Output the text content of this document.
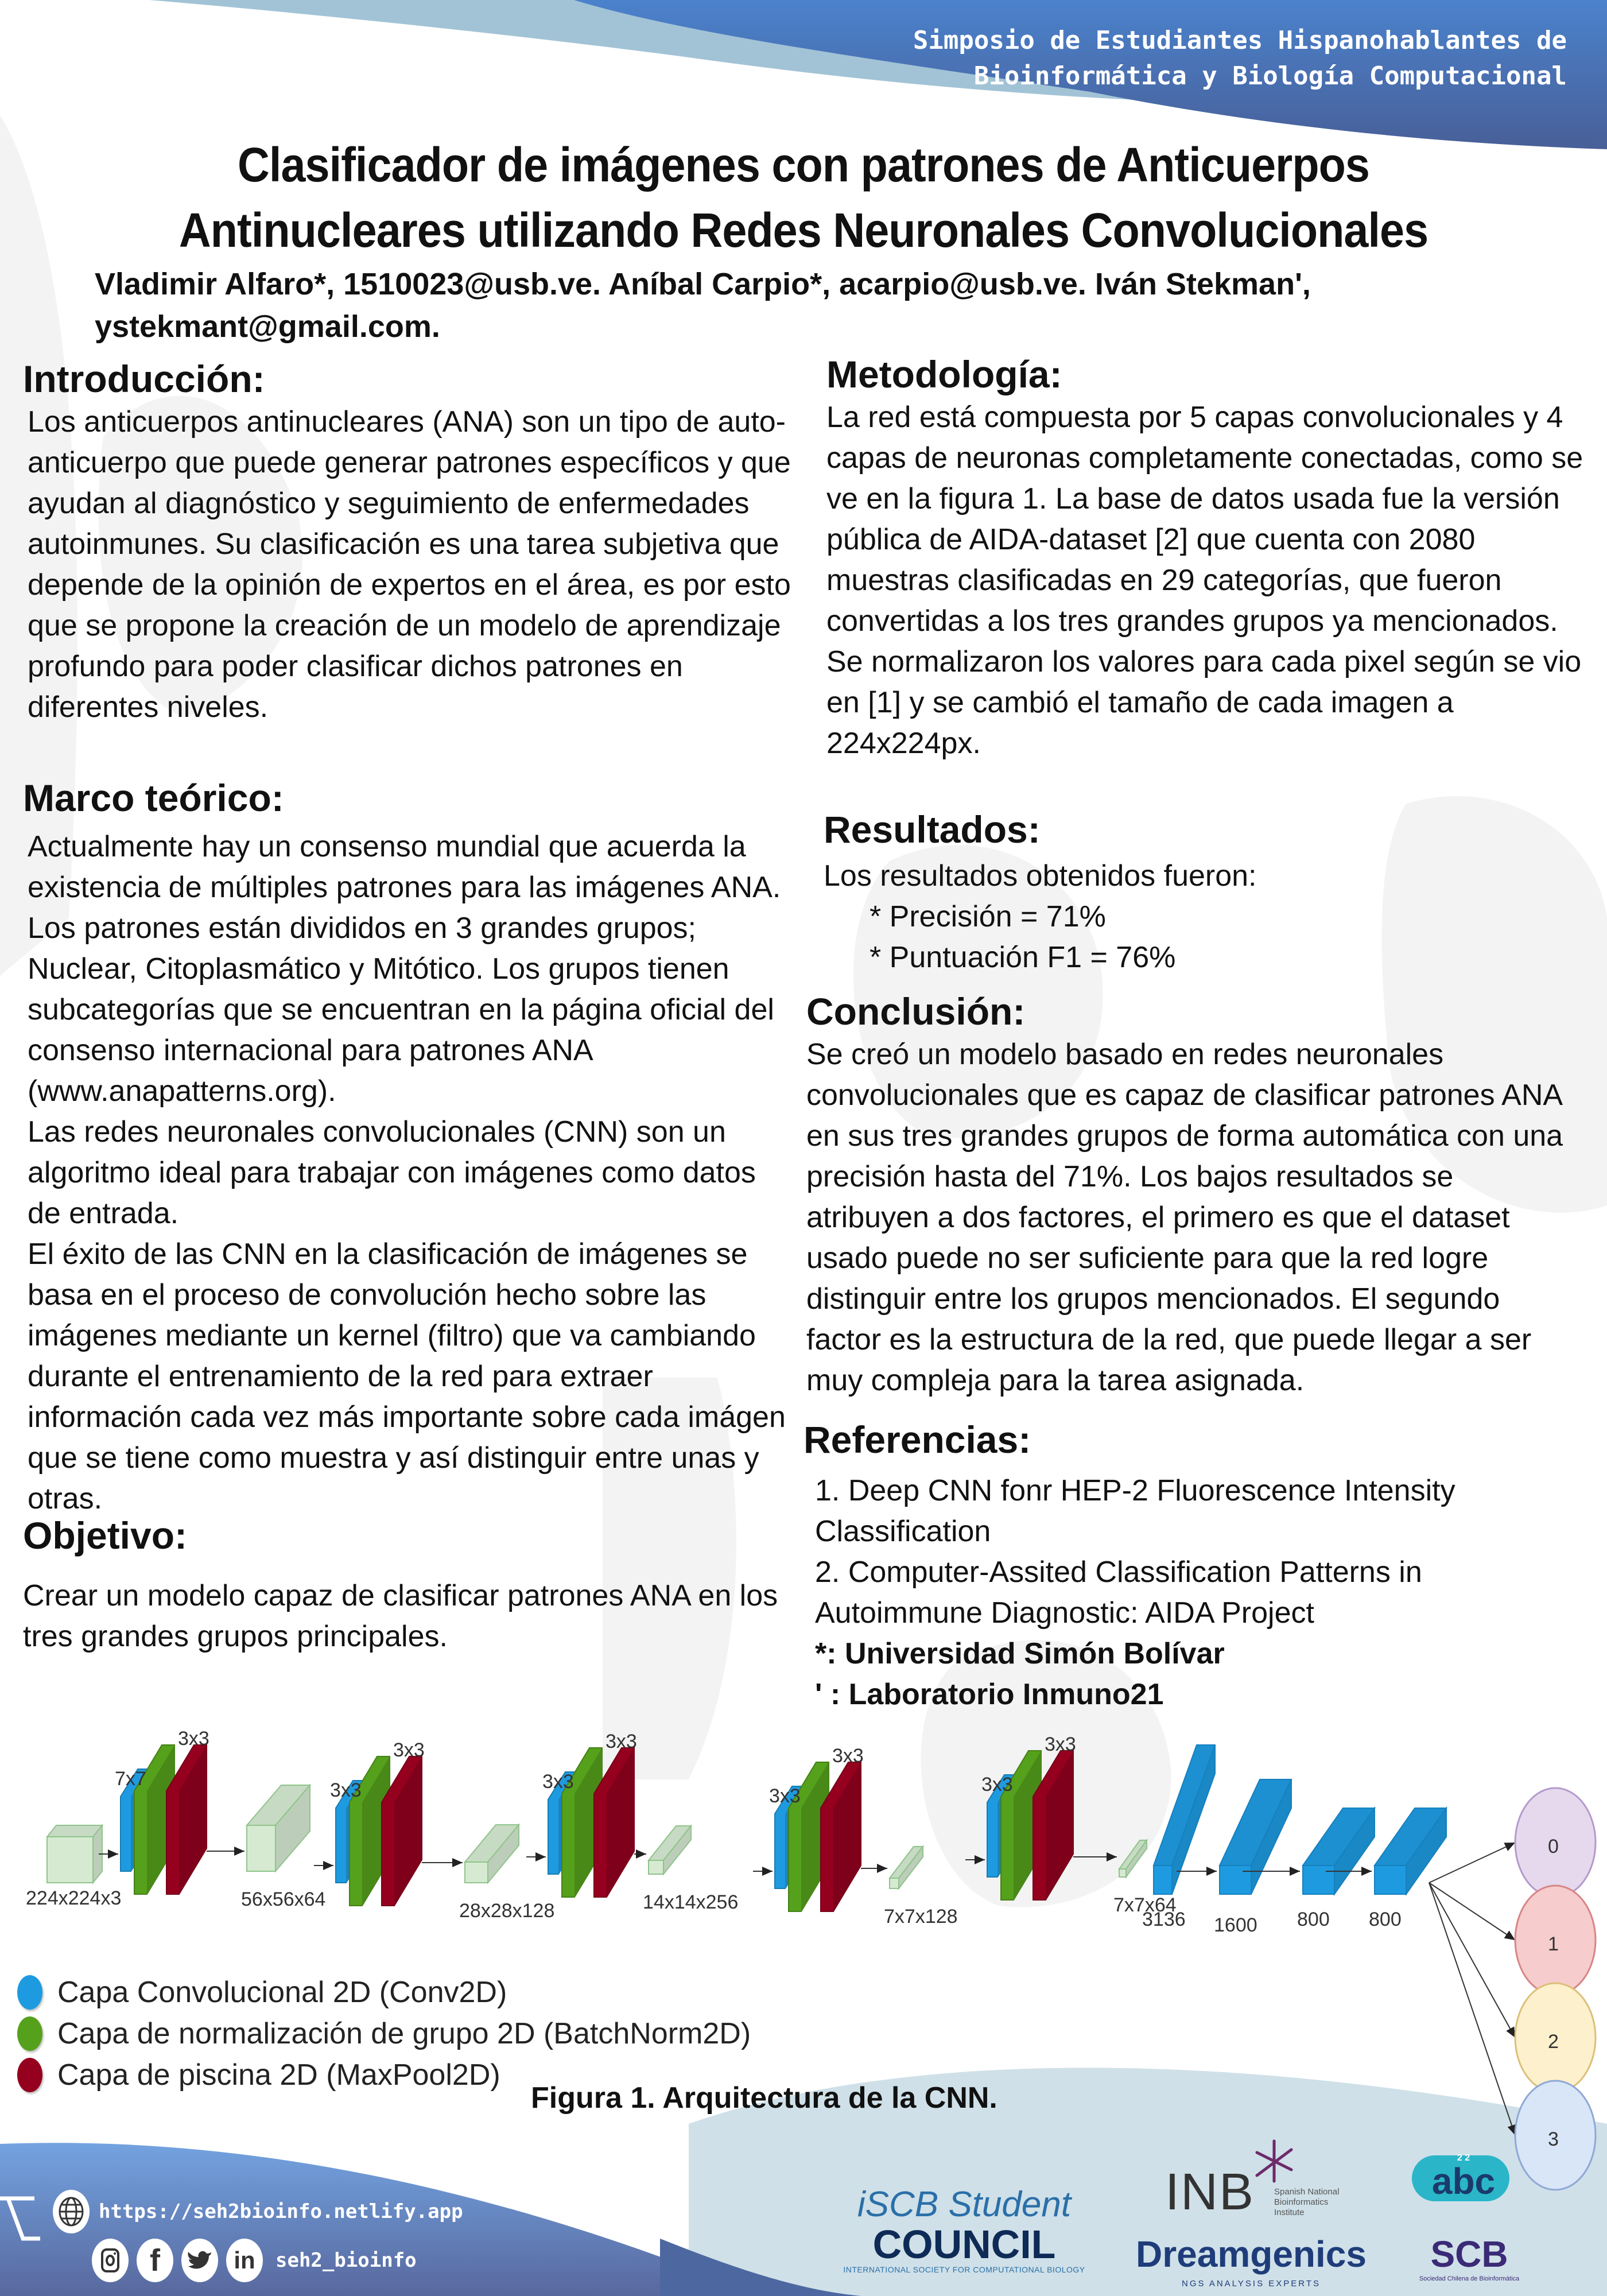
Simposio de Estudiantes Hispanohablantes de
Bioinformática y Biología Computacional
Clasificador de imágenes con patrones de Anticuerpos
Antinucleares utilizando Redes Neuronales Convolucionales
Vladimir Alfaro*, 1510023@usb.ve. Aníbal Carpio*, acarpio@usb.ve. Iván Stekman',
ystekmant@gmail.com.
Introducción:

Los anticuerpos antinucleares (ANA) son un tipo de auto-anticuerpo que puede generar patrones específicos y que ayudan al diagnóstico y seguimiento de enfermedades autoinmunes. Su clasificación es una tarea subjetiva que depende de la opinión de expertos en el área, es por esto que se propone la creación de un modelo de aprendizaje profundo para poder clasificar dichos patrones en diferentes niveles.

Marco teórico:

Actualmente hay un consenso mundial que acuerda la existencia de múltiples patrones para las imágenes ANA. Los patrones están divididos en 3 grandes grupos; Nuclear, Citoplasmático y Mitótico. Los grupos tienen subcategorías que se encuentran en la página oficial del consenso internacional para patrones ANA (www.anapatterns.org).

Las redes neuronales convolucionales (CNN) son un algoritmo ideal para trabajar con imágenes como datos de entrada.

El éxito de las CNN en la clasificación de imágenes se basa en el proceso de convolución hecho sobre las imágenes mediante un kernel (filtro) que va cambiando durante el entrenamiento de la red para extraer información cada vez más importante sobre cada imágen que se tiene como muestra y así distinguir entre unas y otras.

Objetivo:

Crear un modelo capaz de clasificar patrones ANA en los tres grandes grupos principales.

Metodología:

La red está compuesta por 5 capas convolucionales y 4 capas de neuronas completamente conectadas, como se ve en la figura 1. La base de datos usada fue la versión pública de AIDA-dataset [2] que cuenta con 2080 muestras clasificadas en 29 categorías, que fueron convertidas a los tres grandes grupos ya mencionados. Se normalizaron los valores para cada pixel según se vio en [1] y se cambió el tamaño de cada imagen a 224x224px.

Resultados:

Los resultados obtenidos fueron:

* Precisión = 71%

* Puntuación F1 = 76%

Conclusión:

Se creó un modelo basado en redes neuronales convolucionales que es capaz de clasificar patrones ANA en sus tres grandes grupos de forma automática con una precisión hasta del 71%. Los bajos resultados se atribuyen a dos factores, el primero es que el dataset usado puede no ser suficiente para que la red logre distinguir entre los grupos mencionados. El segundo factor es la estructura de la red, que puede llegar a ser muy compleja para la tarea asignada.

Referencias:

1. Deep CNN fonr HEP-2 Fluorescence Intensity Classification

2. Computer-Assited Classification Patterns in Autoimmune Diagnostic: AIDA Project

*: Universidad Simón Bolívar

' : Laboratorio Inmuno21

224x224x3
7x7
3x3
56x56x64
3x3
3x3
28x28x128
3x3
3x3
14x14x256
3x3
3x3
7x7x128
3x3
3x3
7x7x64
3136 1600 800 800
0
1
2
3
Capa Convolucional 2D (Conv2D)
Capa de normalización de grupo 2D (BatchNorm2D)
Capa de piscina 2D (MaxPool2D)
Figura 1. Arquitectura de la CNN.
https://seh2bioinfo.netlify.app
f	in seh2_bioinfo
iSCB Student
COUNCIL
INTERNATIONAL SOCIETY FOR COMPUTATIONAL BIOLOGY
INB Spanish National
Bioinformatics Institute
Dreamgenics
NGS ANALYSIS EXPERTS
2 2
abc
SCB
Sociedad Chilena de Bioinformática
